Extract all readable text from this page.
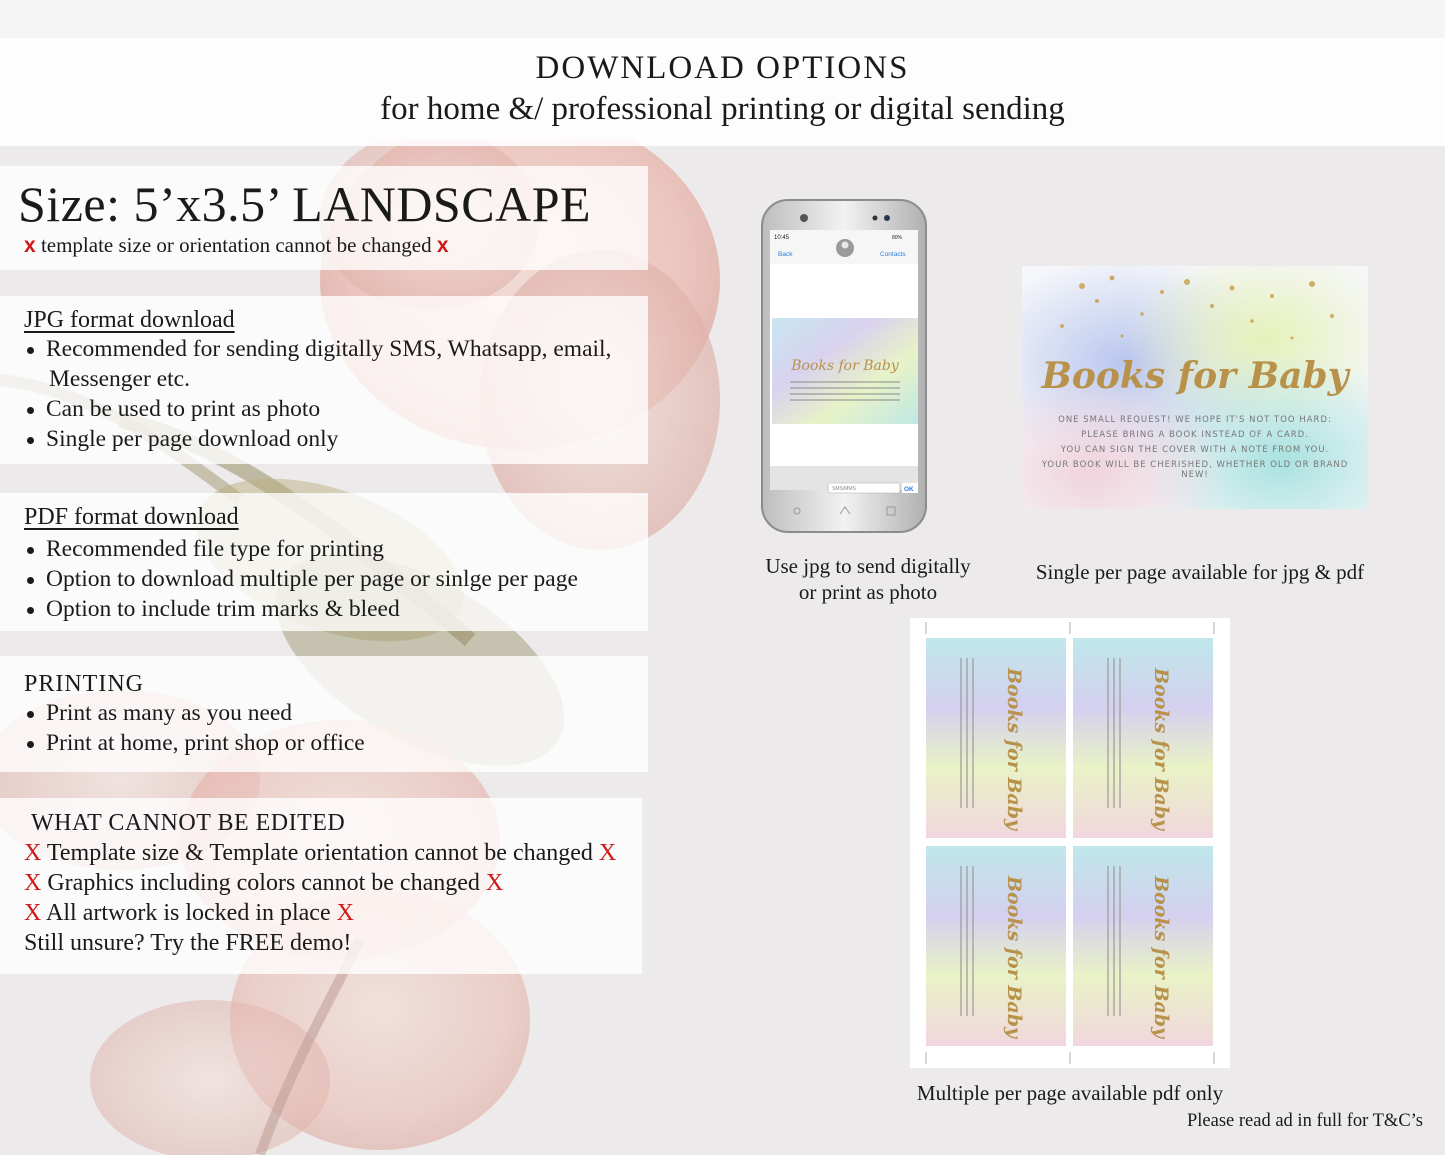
DOWNLOAD OPTIONS
for home &/ professional printing or digital sending
Size: 5’x3.5’ LANDSCAPE
x template size or orientation cannot be changed x
JPG format download
Recommended for sending digitally SMS, Whatsapp, email,
Messenger etc.
Can be used to print as photo
Single per page download only
PDF format download
Recommended file type for printing
Option to download multiple per page or sinlge per page
Option to include trim marks & bleed
PRINTING
Print as many as you need
Print at home, print shop or office
WHAT CANNOT BE EDITED
X Template size & Template orientation cannot be changed X
X Graphics including colors cannot be changed X
X All artwork is locked in place X
Still unsure? Try the FREE demo!
10:45	80%
Back	Contacts
Books for Baby
SMS/MMS	OK
Books for Baby
ONE SMALL REQUEST! WE HOPE IT'S NOT TOO HARD:
PLEASE BRING A BOOK INSTEAD OF A CARD.
YOU CAN SIGN THE COVER WITH A NOTE FROM YOU.
YOUR BOOK WILL BE CHERISHED, WHETHER OLD OR BRAND
NEW!
Books for Baby	Books for Baby
Books for Baby	Books for Baby
Use jpg to send digitally
or print as photo
Single per page available for jpg & pdf
Multiple per page available pdf only
Please read ad in full for T&C’s
